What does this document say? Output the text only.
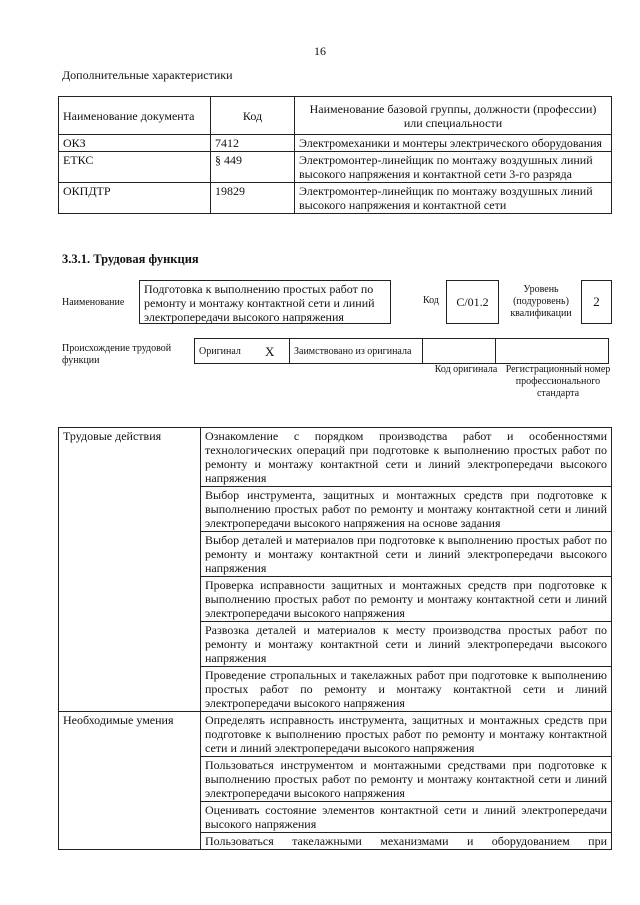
16
Дополнительные характеристики
Наименование документа	Код	Наименование базовой группы, должности (профессии) или специальности
ОКЗ	7412	Электромеханики и монтеры электрического оборудования
ЕТКС	§ 449	Электромонтер-линейщик по монтажу воздушных линий высокого напряжения и контактной сети 3-го разряда
ОКПДТР	19829	Электромонтер-линейщик по монтажу воздушных линий высокого напряжения и контактной сети
3.3.1. Трудовая функция
Наименование
Подготовка к выполнению простых работ по ремонту и монтажу контактной сети и линий электропередачи высокого напряжения
Код	C/01.2
Уровень (подуровень) квалификации
2
Происхождение трудовой функции
Оригинал	Х	Заимствовано из оригинала		
Код оригинала Регистрационный номер профессионального стандарта
Трудовые действия	Ознакомление с порядком производства работ и особенностями технологических операций при подготовке к выполнению простых работ по ремонту и монтажу контактной сети и линий электропередачи высокого напряжения
	Выбор инструмента, защитных и монтажных средств при подготовке к выполнению простых работ по ремонту и монтажу контактной сети и линий электропередачи высокого напряжения на основе задания
	Выбор деталей и материалов при подготовке к выполнению простых работ по ремонту и монтажу контактной сети и линий электропередачи высокого напряжения
	Проверка исправности защитных и монтажных средств при подготовке к выполнению простых работ по ремонту и монтажу контактной сети и линий электропередачи высокого напряжения
	Развозка деталей и материалов к месту производства простых работ по ремонту и монтажу контактной сети и линий электропередачи высокого напряжения
	Проведение стропальных и такелажных работ при подготовке к выполнению простых работ по ремонту и монтажу контактной сети и линий электропередачи высокого напряжения
Необходимые умения	Определять исправность инструмента, защитных и монтажных средств при подготовке к выполнению простых работ по ремонту и монтажу контактной сети и линий электропередачи высокого напряжения
	Пользоваться инструментом и монтажными средствами при подготовке к выполнению простых работ по ремонту и монтажу контактной сети и линий электропередачи высокого напряжения
	Оценивать состояние элементов контактной сети и линий электропередачи высокого напряжения
	Пользоваться такелажными механизмами и оборудованием при
